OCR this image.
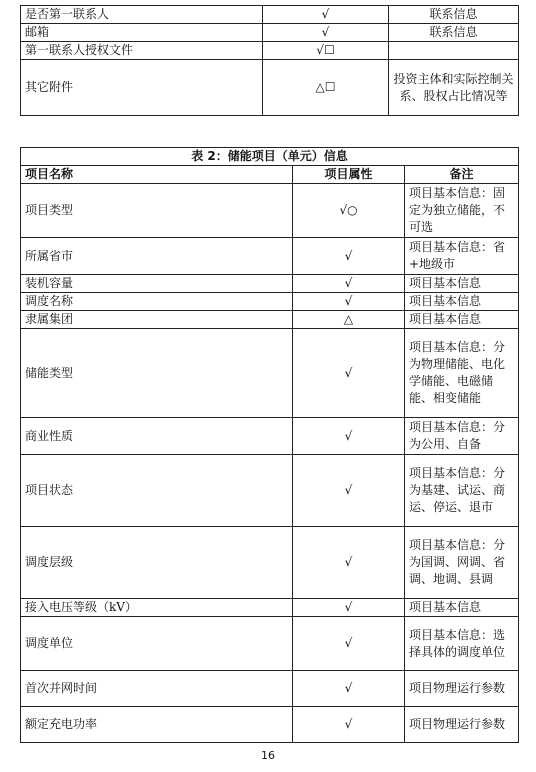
是否第一联系人	√	联系信息
邮箱	√	联系信息
第一联系人授权文件	√☐	
其它附件	△☐	投资主体和实际控制关系、股权占比情况等
表 2：储能项目（单元）信息		
项目名称	项目属性	备注
项目类型	√○	项目基本信息：固定为独立储能，不可选
所属省市	√	项目基本信息：省+地级市
装机容量	√	项目基本信息
调度名称	√	项目基本信息
隶属集团	△	项目基本信息
储能类型	√	项目基本信息：分为物理储能、电化学储能、电磁储能、相变储能
商业性质	√	项目基本信息：分为公用、自备
项目状态	√	项目基本信息：分为基建、试运、商运、停运、退市
调度层级	√	项目基本信息：分为国调、网调、省调、地调、县调
接入电压等级（kV）	√	项目基本信息
调度单位	√	项目基本信息：选择具体的调度单位
首次并网时间	√	项目物理运行参数
额定充电功率	√	项目物理运行参数
16
